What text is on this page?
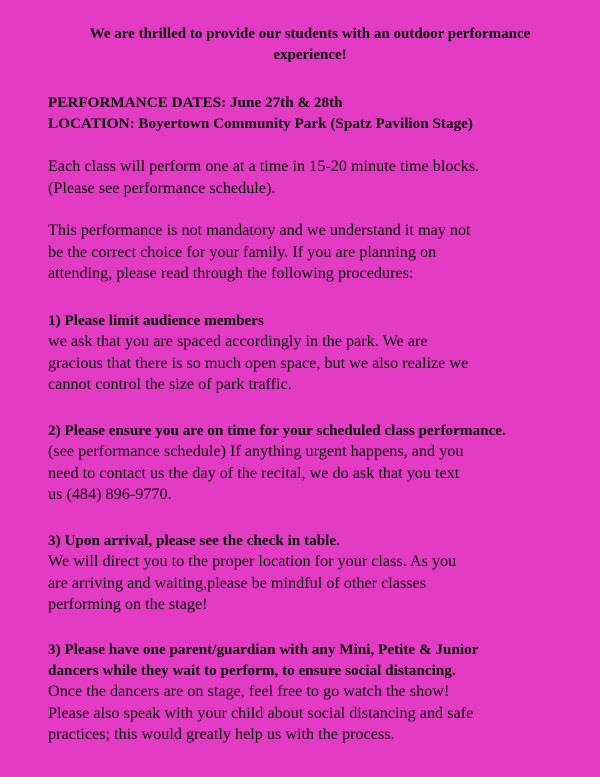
We are thrilled to provide our students with an outdoor performance
experience!
PERFORMANCE DATES: June 27th & 28th
LOCATION: Boyertown Community Park (Spatz Pavilion Stage)
Each class will perform one at a time in 15-20 minute time blocks.
(Please see performance schedule).
This performance is not mandatory and we understand it may not
be the correct choice for your family. If you are planning on
attending, please read through the following procedures:
1) Please limit audience members
we ask that you are spaced accordingly in the park. We are
gracious that there is so much open space, but we also realize we
cannot control the size of park traffic.
2) Please ensure you are on time for your scheduled class performance.
(see performance schedule) If anything urgent happens, and you
need to contact us the day of the recital, we do ask that you text
us (484) 896-9770.
3) Upon arrival, please see the check in table.
We will direct you to the proper location for your class. As you
are arriving and waiting,please be mindful of other classes
performing on the stage!
3) Please have one parent/guardian with any Mini, Petite & Junior
dancers while they wait to perform, to ensure social distancing.
Once the dancers are on stage, feel free to go watch the show!
Please also speak with your child about social distancing and safe
practices; this would greatly help us with the process.
